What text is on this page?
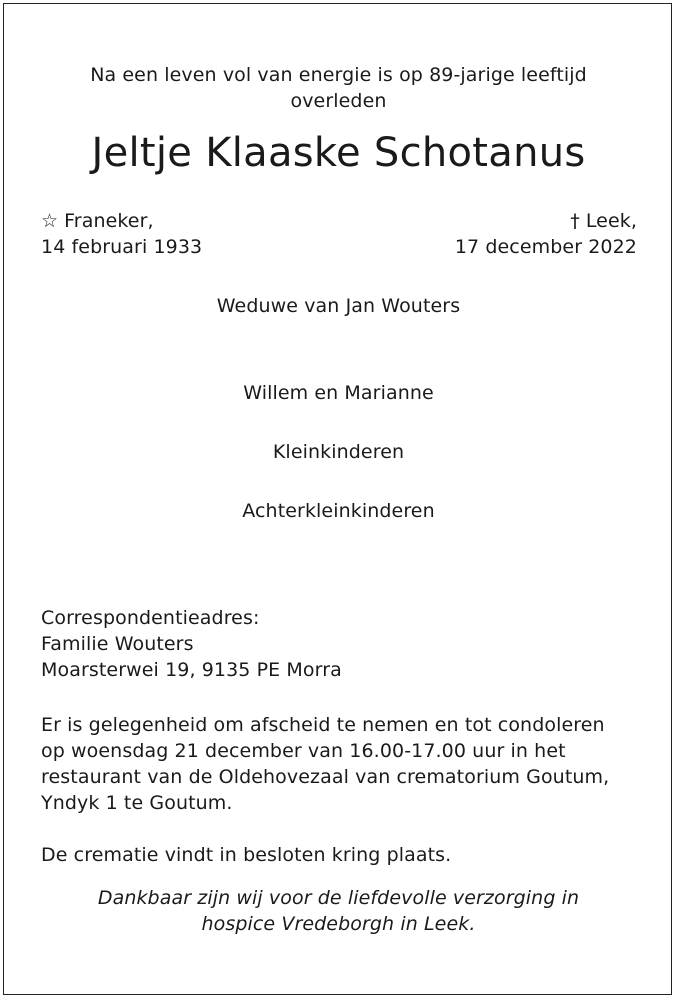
Na een leven vol van energie is op 89-jarige leeftijd
overleden
Jeltje Klaaske Schotanus
☆ Franeker,
14 februari 1933
† Leek,
17 december 2022
Weduwe van Jan Wouters
Willem en Marianne
Kleinkinderen
Achterkleinkinderen
Correspondentieadres:
Familie Wouters
Moarsterwei 19, 9135 PE Morra
Er is gelegenheid om afscheid te nemen en tot condoleren
op woensdag 21 december van 16.00-17.00 uur in het
restaurant van de Oldehovezaal van crematorium Goutum,
Yndyk 1 te Goutum.
De crematie vindt in besloten kring plaats.
Dankbaar zijn wij voor de liefdevolle verzorging in
hospice Vredeborgh in Leek.
